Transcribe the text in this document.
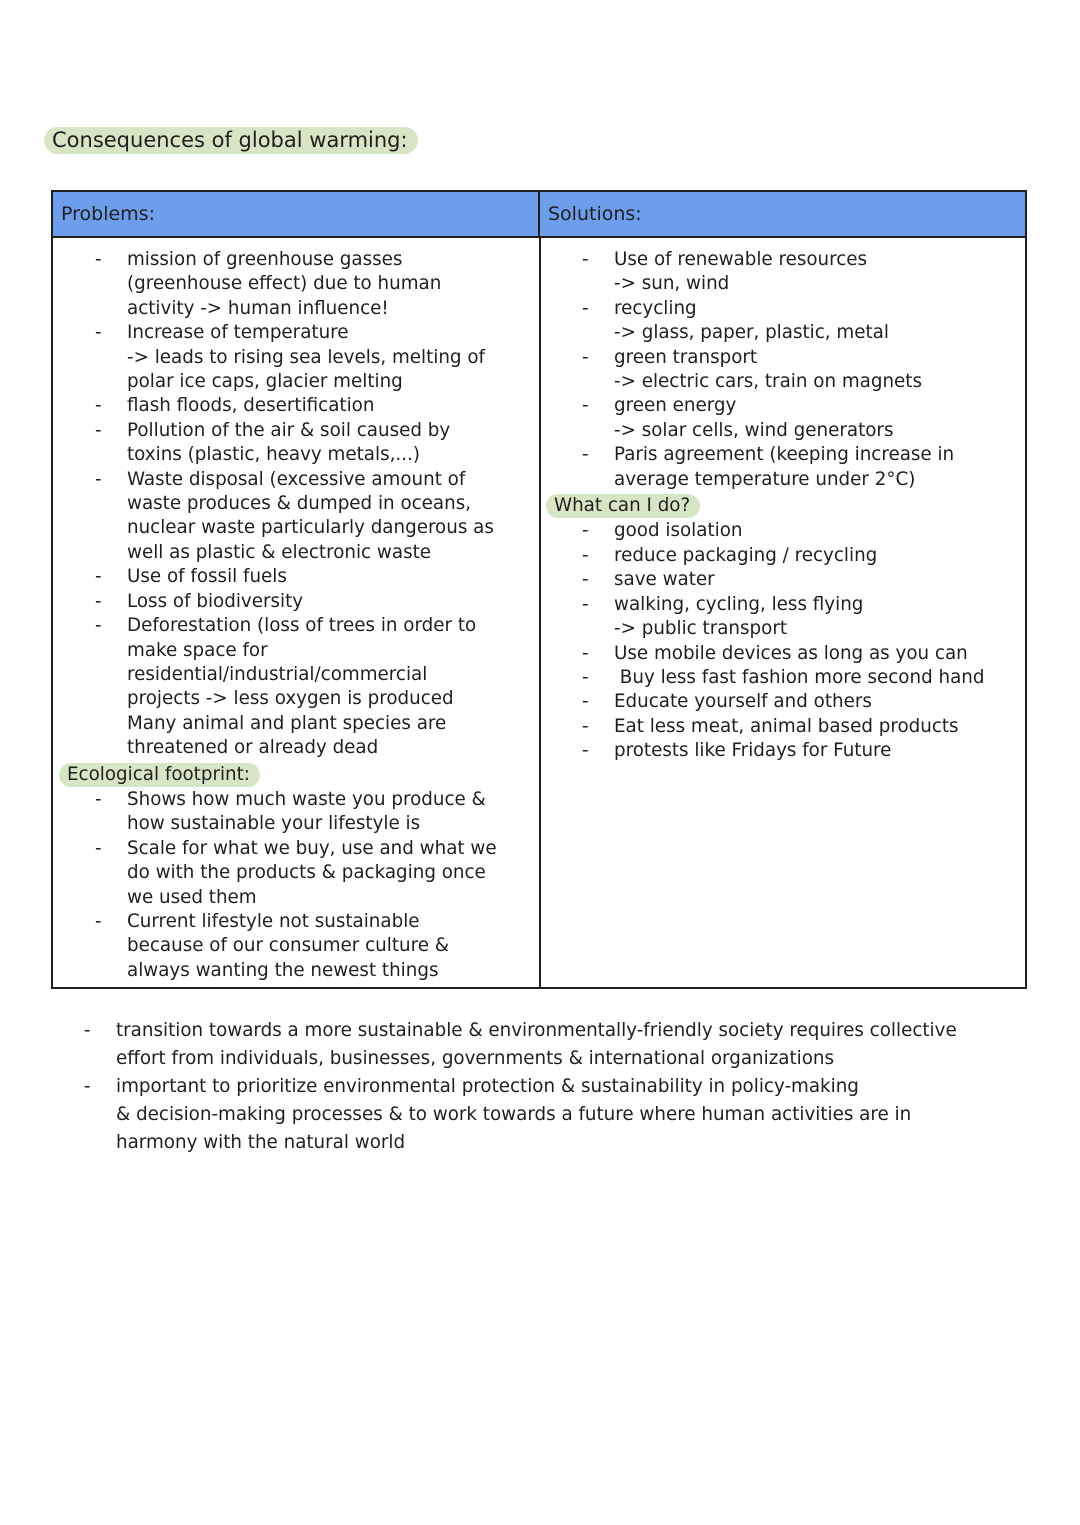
Consequences of global warming:
Problems:	Solutions:
- mission of greenhouse gasses
(greenhouse effect) due to human
activity -> human influence!
- Increase of temperature
-> leads to rising sea levels, melting of
polar ice caps, glacier melting
- flash floods, desertification
- Pollution of the air & soil caused by
toxins (plastic, heavy metals,...)
- Waste disposal (excessive amount of
waste produces & dumped in oceans,
nuclear waste particularly dangerous as
well as plastic & electronic waste
- Use of fossil fuels
- Loss of biodiversity
- Deforestation (loss of trees in order to
make space for
residential/industrial/commercial
projects -> less oxygen is produced
Many animal and plant species are
threatened or already dead
Ecological footprint:
- Shows how much waste you produce &
how sustainable your lifestyle is
- Scale for what we buy, use and what we
do with the products & packaging once
we used them
- Current lifestyle not sustainable
because of our consumer culture &
always wanting the newest things
- Use of renewable resources
-> sun, wind
- recycling
-> glass, paper, plastic, metal
- green transport
-> electric cars, train on magnets
- green energy
-> solar cells, wind generators
- Paris agreement (keeping increase in
average temperature under 2°C)
What can I do?
- good isolation
- reduce packaging / recycling
- save water
- walking, cycling, less flying
-> public transport
- Use mobile devices as long as you can
-  Buy less fast fashion more second hand
- Educate yourself and others
- Eat less meat, animal based products
- protests like Fridays for Future
- transition towards a more sustainable & environmentally-friendly society requires collective
effort from individuals, businesses, governments & international organizations
- important to prioritize environmental protection & sustainability in policy-making
& decision-making processes & to work towards a future where human activities are in
harmony with the natural world
